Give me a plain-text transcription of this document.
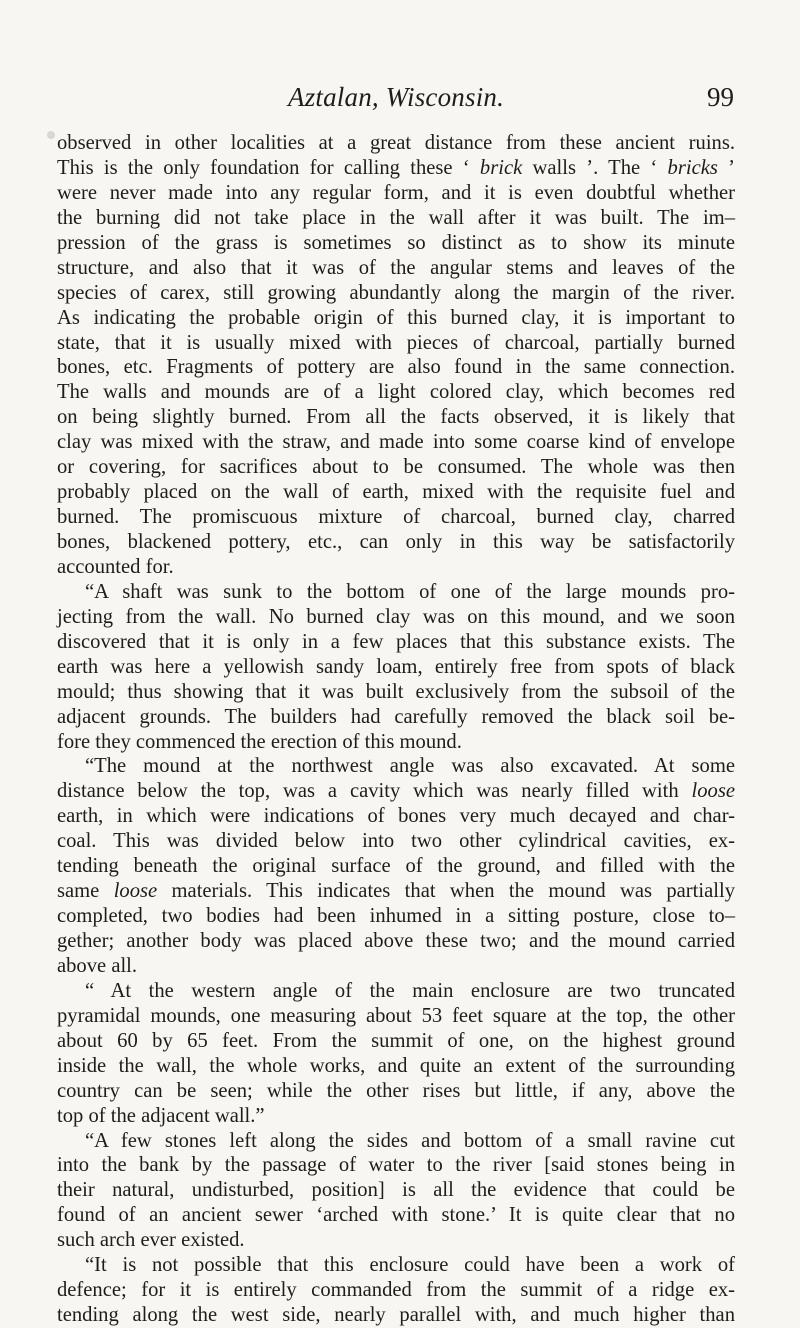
Aztalan, Wisconsin.	99
observed in other localities at a great distance from these ancient ruins.
This is the only foundation for calling these ‘ brick walls ’. The ‘ bricks ’
were never made into any regular form, and it is even doubtful whether
the burning did not take place in the wall after it was built. The im–
pression of the grass is sometimes so distinct as to show its minute
structure, and also that it was of the angular stems and leaves of the
species of carex, still growing abundantly along the margin of the river.
As indicating the probable origin of this burned clay, it is important to
state, that it is usually mixed with pieces of charcoal, partially burned
bones, etc. Fragments of pottery are also found in the same connection.
The walls and mounds are of a light colored clay, which becomes red
on being slightly burned. From all the facts observed, it is likely that
clay was mixed with the straw, and made into some coarse kind of envelope
or covering, for sacrifices about to be consumed. The whole was then
probably placed on the wall of earth, mixed with the requisite fuel and
burned. The promiscuous mixture of charcoal, burned clay, charred
bones, blackened pottery, etc., can only in this way be satisfactorily
accounted for.
“A shaft was sunk to the bottom of one of the large mounds pro-
jecting from the wall. No burned clay was on this mound, and we soon
discovered that it is only in a few places that this substance exists. The
earth was here a yellowish sandy loam, entirely free from spots of black
mould; thus showing that it was built exclusively from the subsoil of the
adjacent grounds. The builders had carefully removed the black soil be-
fore they commenced the erection of this mound.
“The mound at the northwest angle was also excavated. At some
distance below the top, was a cavity which was nearly filled with loose
earth, in which were indications of bones very much decayed and char-
coal. This was divided below into two other cylindrical cavities, ex-
tending beneath the original surface of the ground, and filled with the
same loose materials. This indicates that when the mound was partially
completed, two bodies had been inhumed in a sitting posture, close to–
gether; another body was placed above these two; and the mound carried
above all.
“ At the western angle of the main enclosure are two truncated
pyramidal mounds, one measuring about 53 feet square at the top, the other
about 60 by 65 feet. From the summit of one, on the highest ground
inside the wall, the whole works, and quite an extent of the surrounding
country can be seen; while the other rises but little, if any, above the
top of the adjacent wall.”
“A few stones left along the sides and bottom of a small ravine cut
into the bank by the passage of water to the river [said stones being in
their natural, undisturbed, position] is all the evidence that could be
found of an ancient sewer ‘arched with stone.’ It is quite clear that no
such arch ever existed.
“It is not possible that this enclosure could have been a work of
defence; for it is entirely commanded from the summit of a ridge ex-
tending along the west side, nearly parallel with, and much higher than
